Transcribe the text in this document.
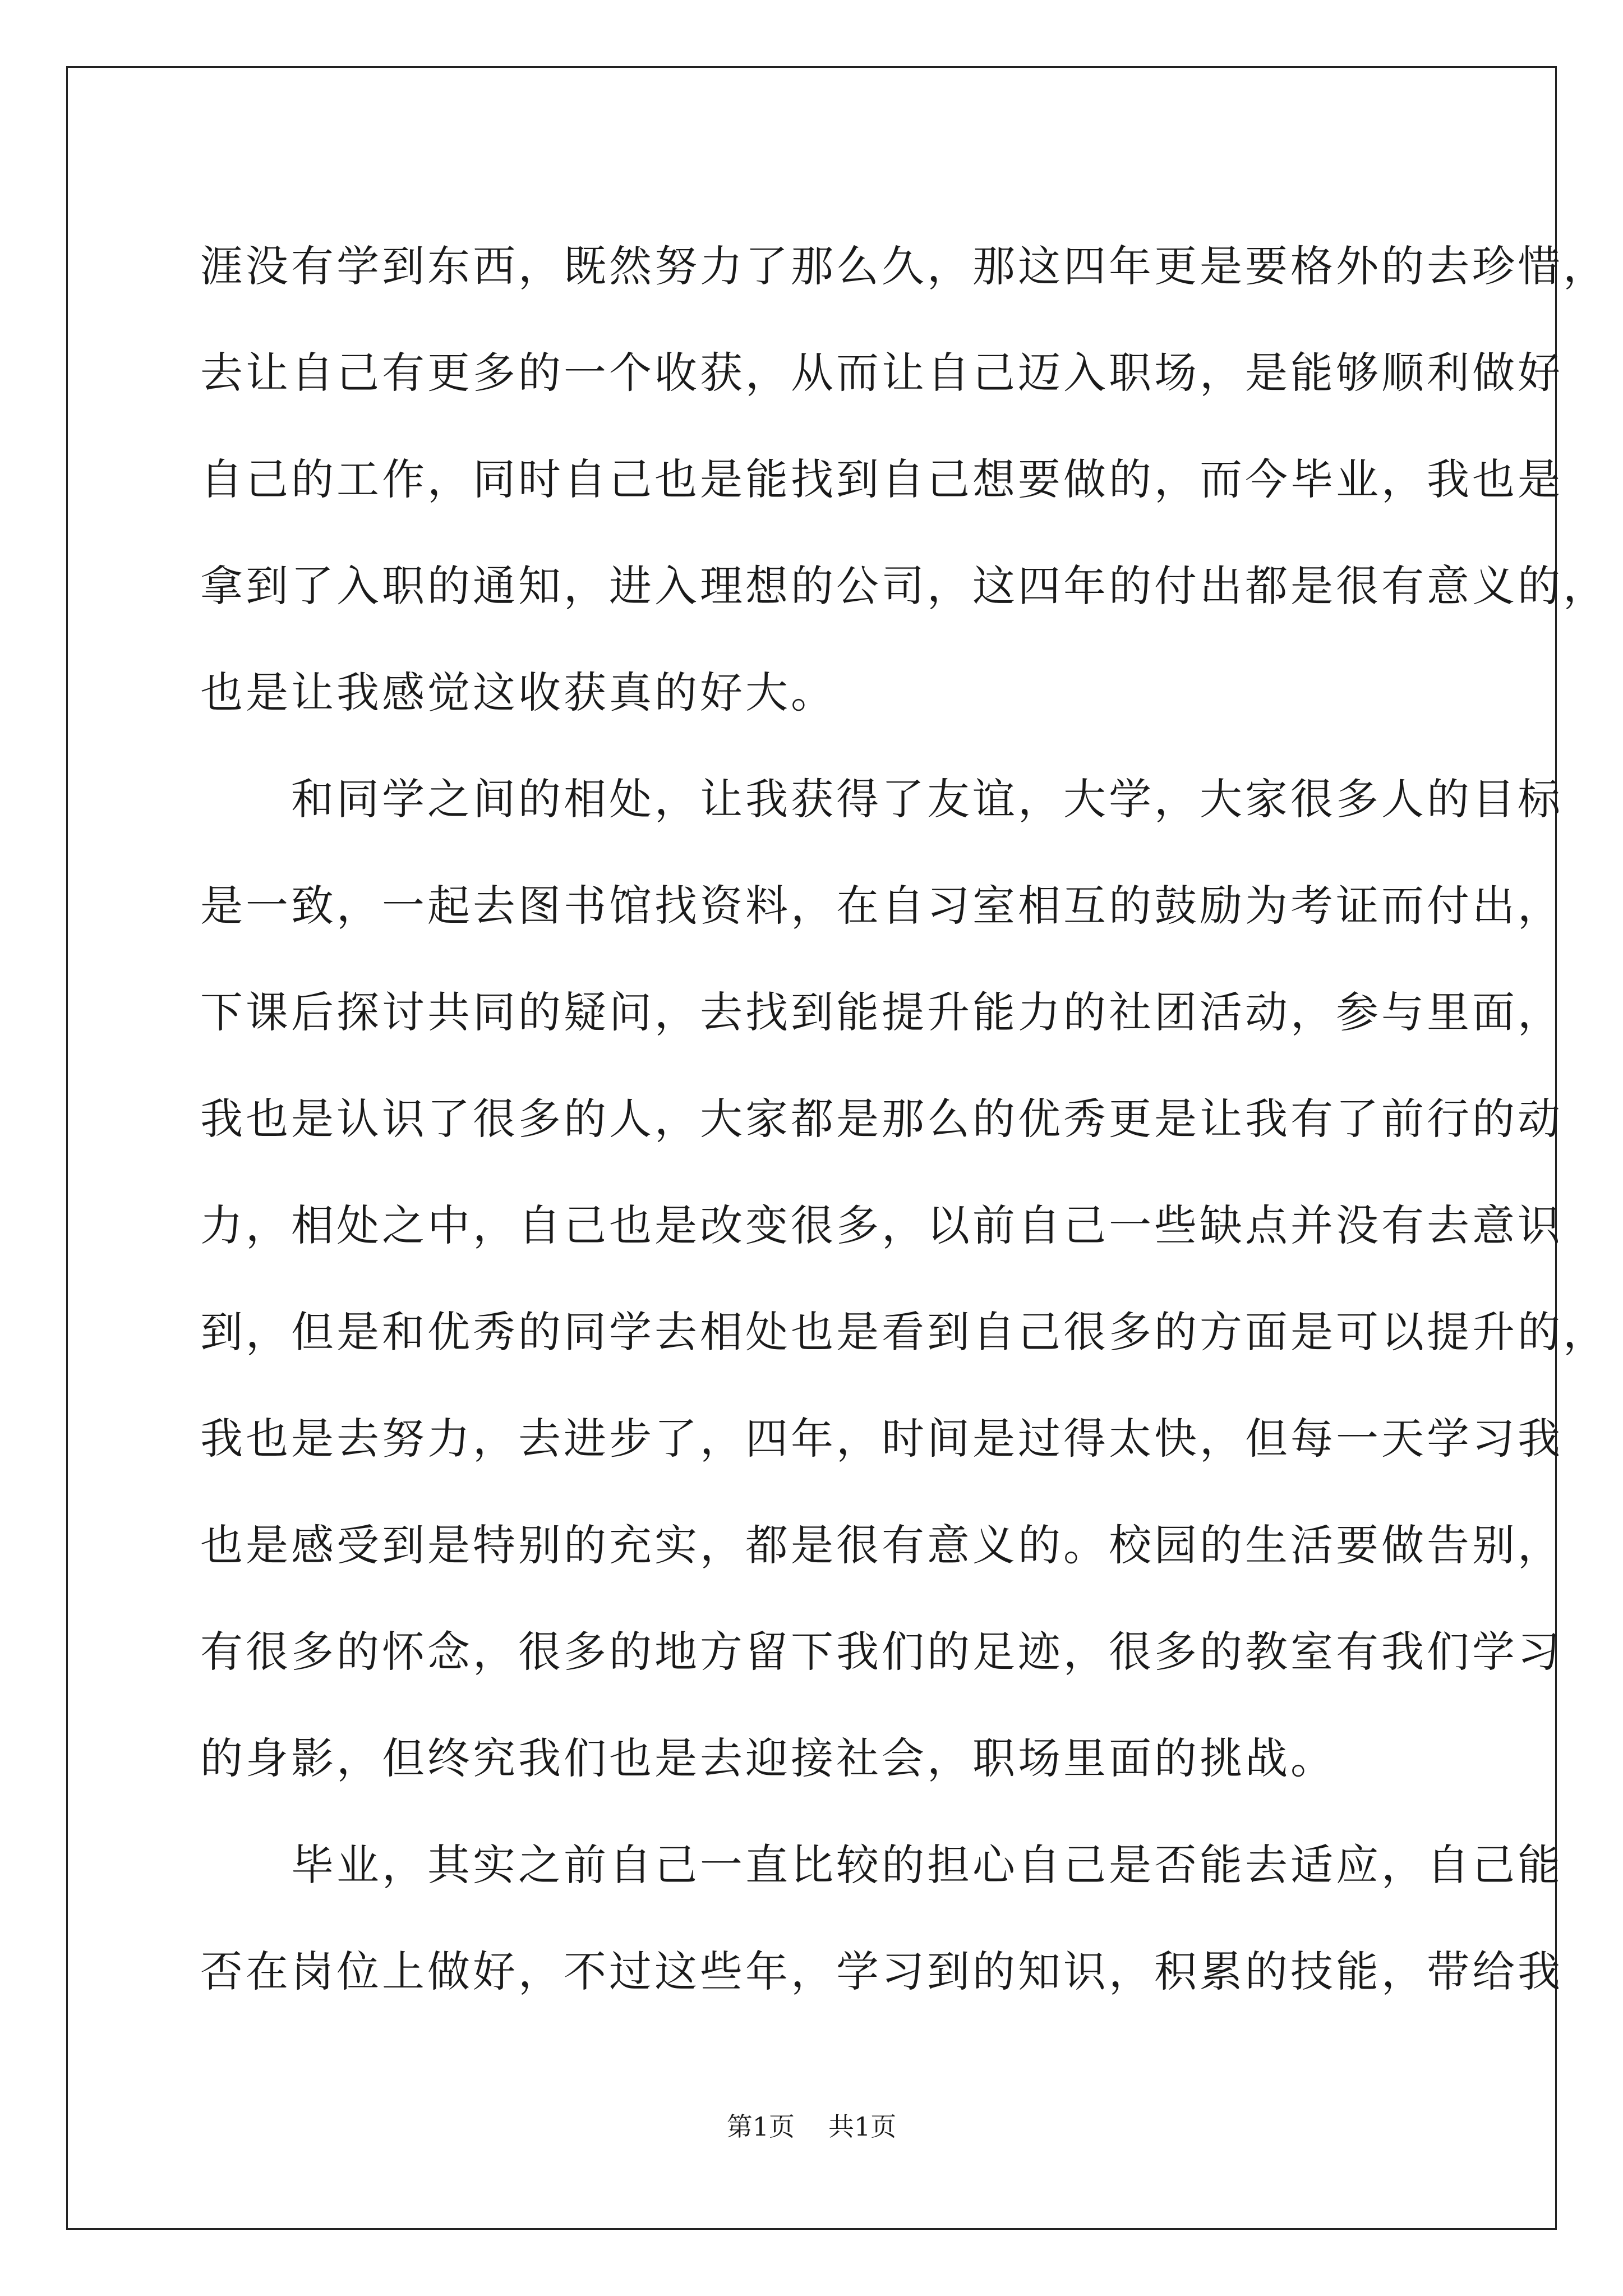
涯没有学到东西，既然努力了那么久，那这四年更是要格外的去珍惜，
去让自己有更多的一个收获，从而让自己迈入职场，是能够顺利做好
自己的工作，同时自己也是能找到自己想要做的，而今毕业，我也是
拿到了入职的通知，进入理想的公司，这四年的付出都是很有意义的，
也是让我感觉这收获真的好大。
　　和同学之间的相处，让我获得了友谊，大学，大家很多人的目标
是一致，一起去图书馆找资料，在自习室相互的鼓励为考证而付出，
下课后探讨共同的疑问，去找到能提升能力的社团活动，参与里面，
我也是认识了很多的人，大家都是那么的优秀更是让我有了前行的动
力，相处之中，自己也是改变很多，以前自己一些缺点并没有去意识
到，但是和优秀的同学去相处也是看到自己很多的方面是可以提升的，
我也是去努力，去进步了，四年，时间是过得太快，但每一天学习我
也是感受到是特别的充实，都是很有意义的。校园的生活要做告别，
有很多的怀念，很多的地方留下我们的足迹，很多的教室有我们学习
的身影，但终究我们也是去迎接社会，职场里面的挑战。
　　毕业，其实之前自己一直比较的担心自己是否能去适应，自己能
否在岗位上做好，不过这些年，学习到的知识，积累的技能，带给我
第1页 共1页
